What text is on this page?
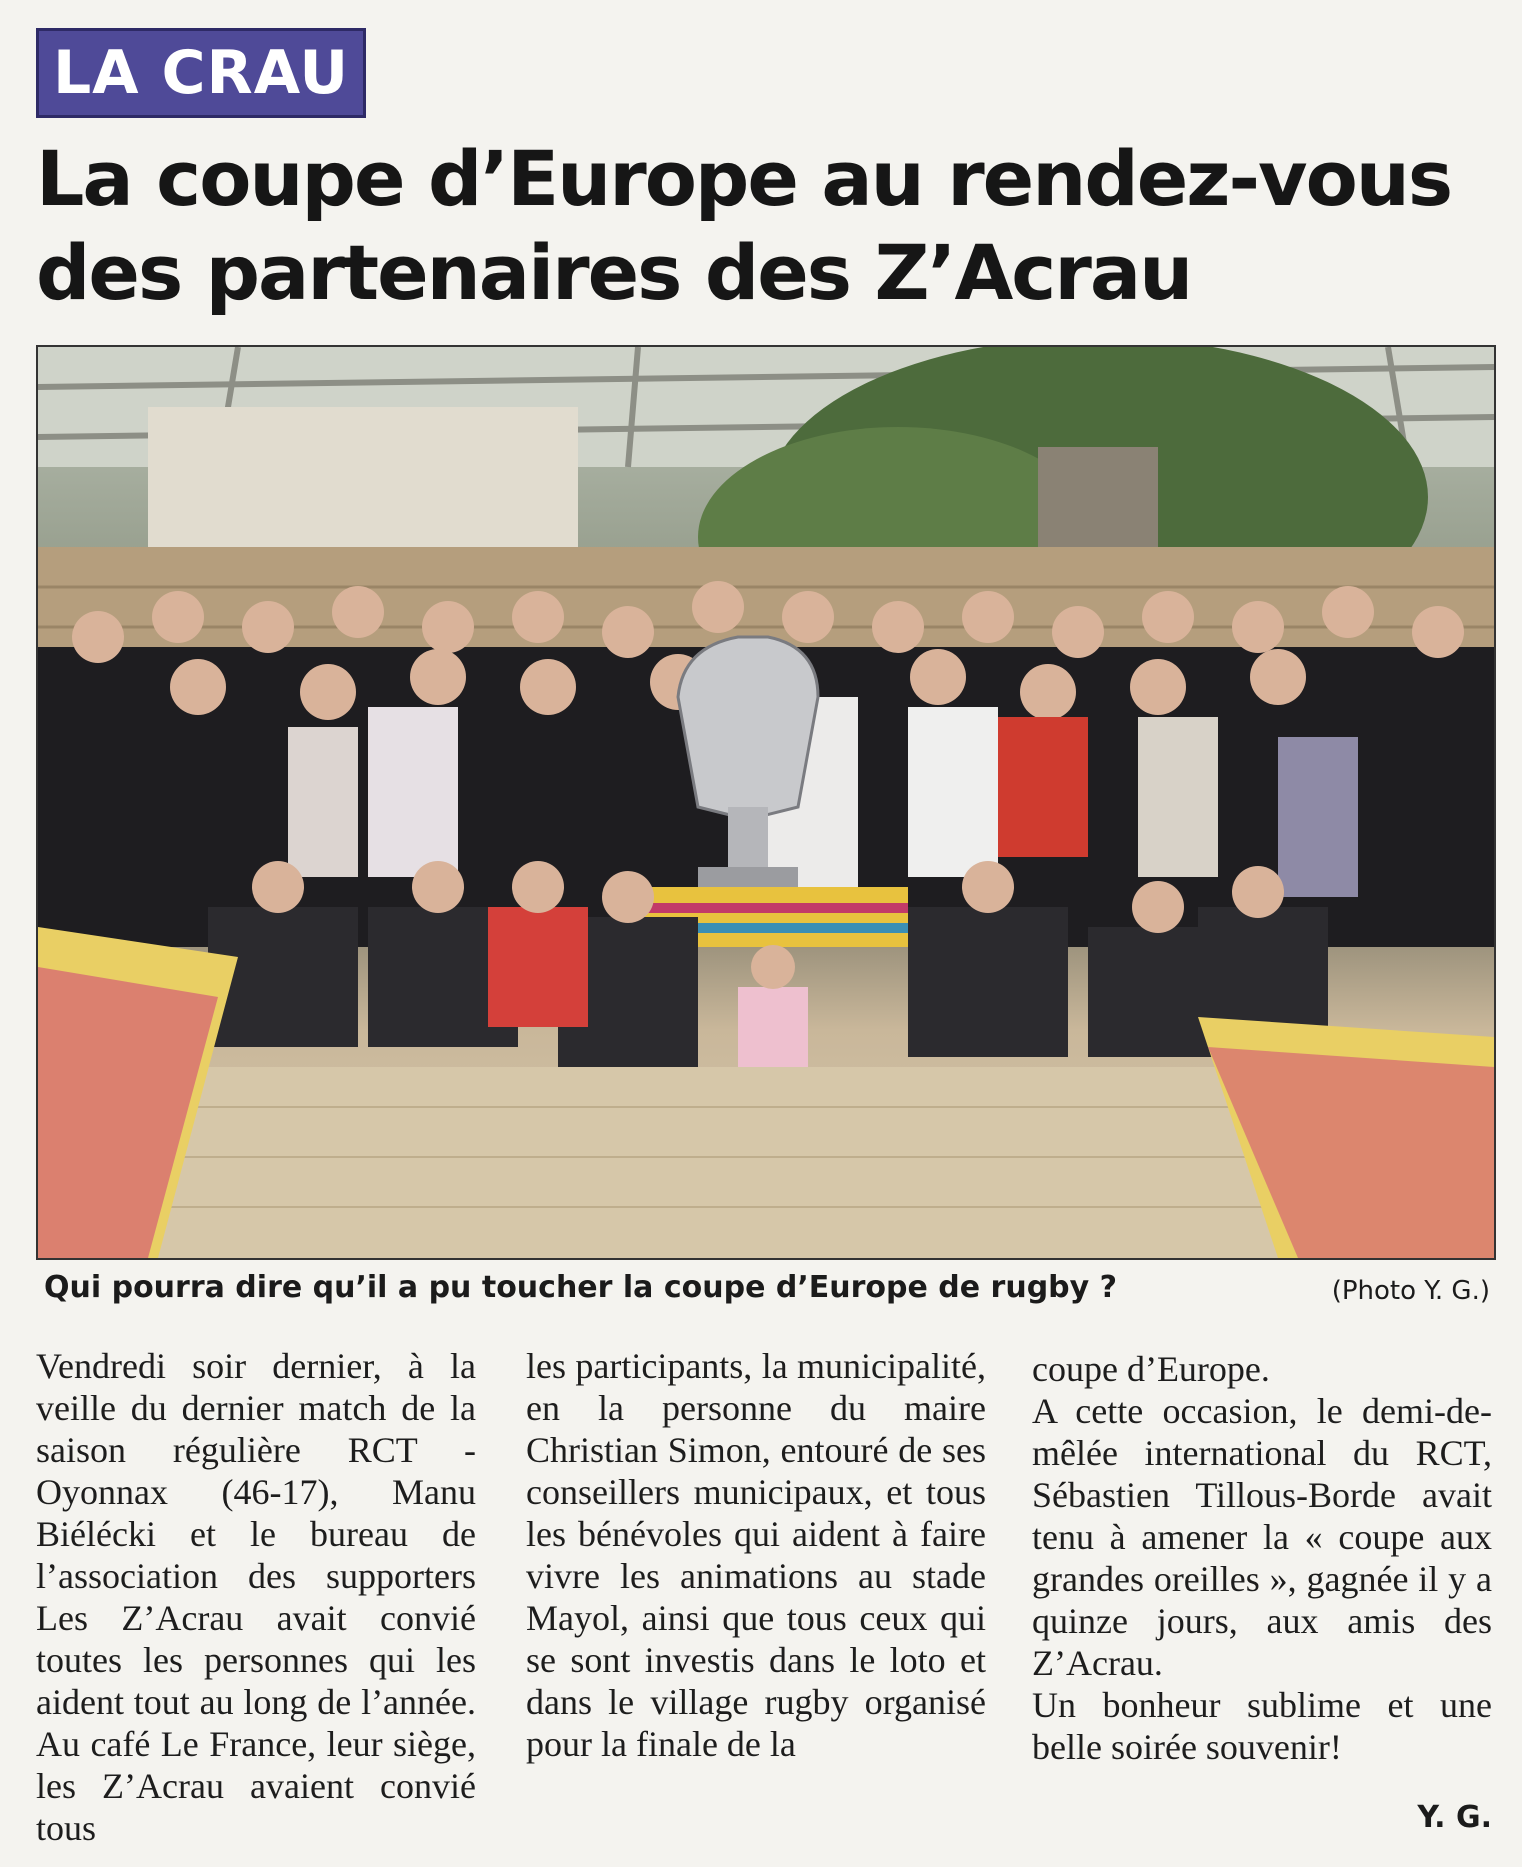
LA CRAU
La coupe d’Europe au rendez-vous
des partenaires des Z’Acrau
Qui pourra dire qu’il a pu toucher la coupe d’Europe de rugby ?	(Photo Y. G.)

Vendredi soir dernier, à la veille du dernier match de la saison régulière RCT - Oyonnax (46-17), Manu Biélécki et le bureau de l’association des supporters Les Z’Acrau avait convié toutes les personnes qui les aident tout au long de l’année. Au café Le France, leur siège, les Z’Acrau avaient convié tous

les participants, la municipalité, en la personne du maire Christian Simon, entouré de ses conseillers municipaux, et tous les bénévoles qui aident à faire vivre les animations au stade Mayol, ainsi que tous ceux qui se sont investis dans le loto et dans le village rugby organisé pour la finale de la

coupe d’Europe.

A cette occasion, le demi-de-mêlée international du RCT, Sébastien Tillous-Borde avait tenu à amener la « coupe aux grandes oreilles », gagnée il y a quinze jours, aux amis des Z’Acrau.

Un bonheur sublime et une belle soirée souvenir!

Y. G.
